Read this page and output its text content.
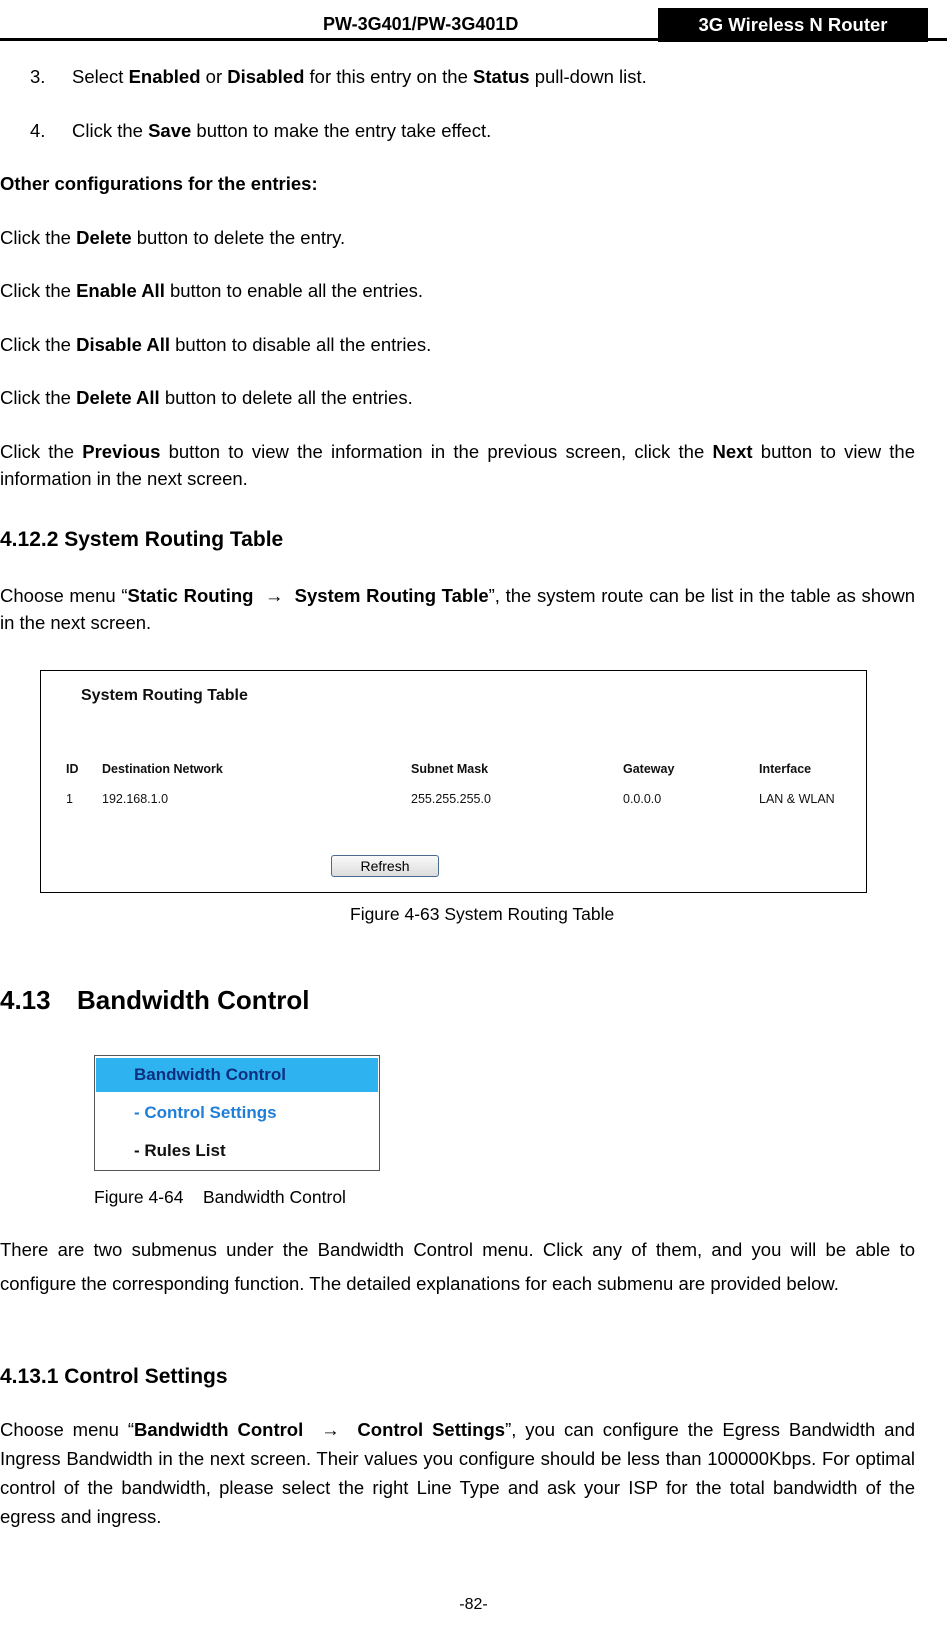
PW-3G401/PW-3G401D	3G Wireless N Router
3. Select Enabled or Disabled for this entry on the Status pull-down list.
4. Click the Save button to make the entry take effect.
Other configurations for the entries:
Click the Delete button to delete the entry.
Click the Enable All button to enable all the entries.
Click the Disable All button to disable all the entries.
Click the Delete All button to delete all the entries.
Click the Previous button to view the information in the previous screen, click the Next button to view the information in the next screen.
4.12.2 System Routing Table
Choose menu “Static Routing → System Routing Table”, the system route can be list in the table as shown in the next screen.
System Routing Table
ID Destination Network	Subnet Mask	Gateway	Interface
1 192.168.1.0	255.255.255.0	0.0.0.0	LAN & WLAN
Refresh
Figure 4-63 System Routing Table
4.13 Bandwidth Control
Bandwidth Control
- Control Settings
- Rules List
Figure 4-64    Bandwidth Control
There are two submenus under the Bandwidth Control menu. Click any of them, and you will be able to configure the corresponding function. The detailed explanations for each submenu are provided below.
4.13.1 Control Settings
Choose menu “Bandwidth Control → Control Settings”, you can configure the Egress Bandwidth and Ingress Bandwidth in the next screen. Their values you configure should be less than 100000Kbps. For optimal control of the bandwidth, please select the right Line Type and ask your ISP for the total bandwidth of the egress and ingress.
-82-
